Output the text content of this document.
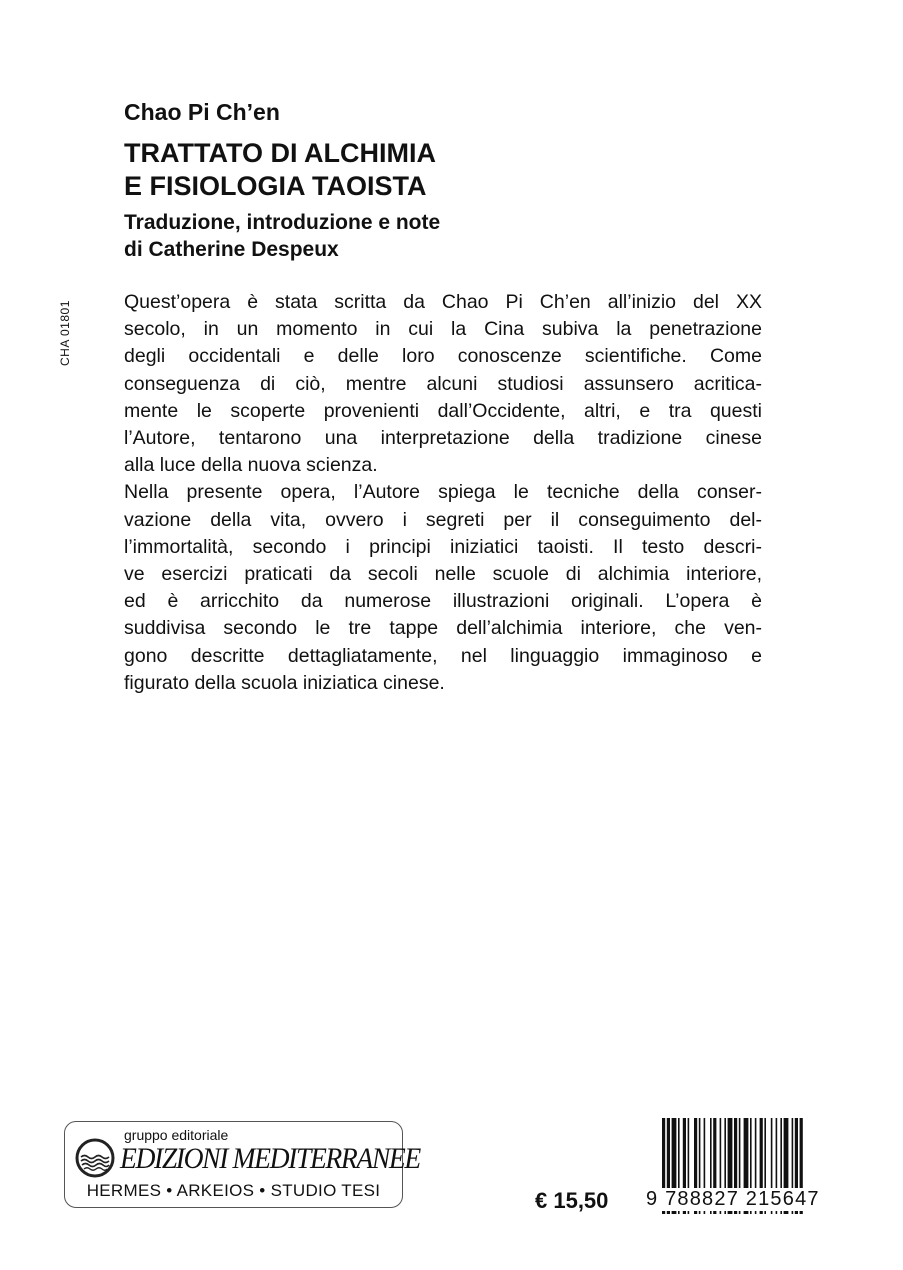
CHA 01801
Chao Pi Ch’en
TRATTATO DI ALCHIMIA
E FISIOLOGIA TAOISTA
Traduzione, introduzione e note
di Catherine Despeux
Quest’opera è stata scritta da Chao Pi Ch’en all’inizio del XX
secolo, in un momento in cui la Cina subiva la penetrazione
degli occidentali e delle loro conoscenze scientifiche. Come
conseguenza di ciò, mentre alcuni studiosi assunsero acritica-
mente le scoperte provenienti dall’Occidente, altri, e tra questi
l’Autore, tentarono una interpretazione della tradizione cinese
alla luce della nuova scienza.
Nella presente opera, l’Autore spiega le tecniche della conser-
vazione della vita, ovvero i segreti per il conseguimento del-
l’immortalità, secondo i principi iniziatici taoisti. Il testo descri-
ve esercizi praticati da secoli nelle scuole di alchimia interiore,
ed è arricchito da numerose illustrazioni originali. L’opera è
suddivisa secondo le tre tappe dell’alchimia interiore, che ven-
gono descritte dettagliatamente, nel linguaggio immaginoso e
figurato della scuola iniziatica cinese.
gruppo editoriale
EDIZIONI MEDITERRANEE
HERMES • ARKEIOS • STUDIO TESI	€ 15,50 9 788827 215647
